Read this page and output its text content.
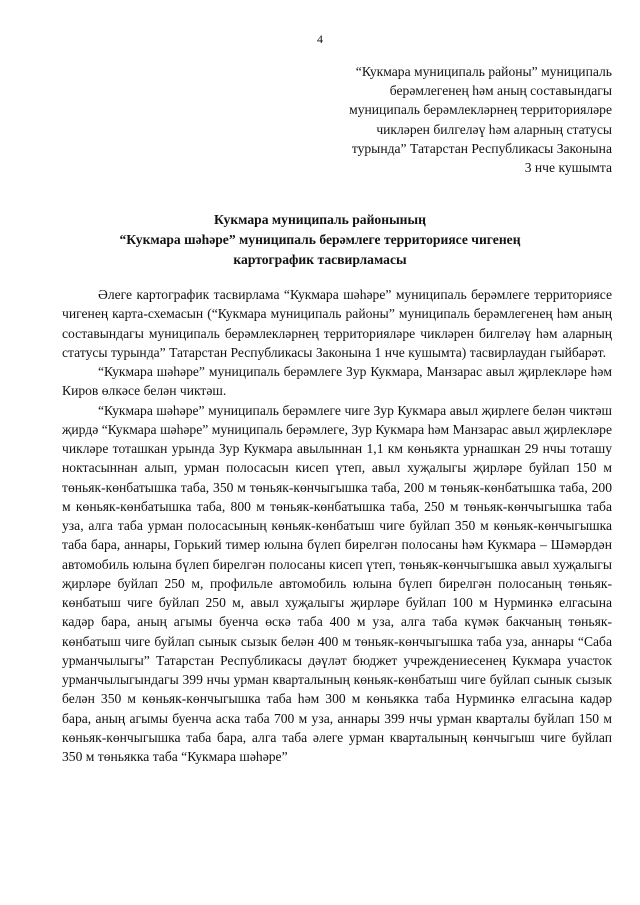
4
“Кукмара муниципаль районы” муниципаль
берәмлегенең һәм аның составындагы
муниципаль берәмлекләрнең территорияләре
чикләрен билгеләү һәм аларның статусы
турында” Татарстан Республикасы Законына
3 нче кушымта
Кукмара муниципаль районының
“Кукмара шәһәре” муниципаль берәмлеге территориясе чигенең
картографик тасвирламасы

Әлеге картографик тасвирлама “Кукмара шәһәре” муниципаль берәмлеге территориясе чигенең карта-схемасын (“Кукмара муниципаль районы” муниципаль берәмлегенең һәм аның составындагы муниципаль берәмлекләрнең территорияләре чикләрен билгеләү һәм аларның статусы турында” Татарстан Республикасы Законына 1 нче кушымта) тасвирлаудан гыйбарәт.

“Кукмара шәһәре” муниципаль берәмлеге Зур Кукмара, Манзарас авыл җирлекләре һәм Киров өлкәсе белән чиктәш.

“Кукмара шәһәре” муниципаль берәмлеге чиге Зур Кукмара авыл җирлеге белән чиктәш җирдә “Кукмара шәһәре” муниципаль берәмлеге, Зур Кукмара һәм Манзарас авыл җирлекләре чикләре тоташкан урында Зур Кукмара авылыннан 1,1 км көньякта урнашкан 29 нчы тоташу ноктасыннан алып, урман полосасын кисеп үтеп, авыл хуҗалыгы җирләре буйлап 150 м төньяк-көнбатышка таба, 350 м төньяк-көнчыгышка таба, 200 м төньяк-көнбатышка таба, 200 м көньяк-көнбатышка таба, 800 м төньяк-көнбатышка таба, 250 м төньяк-көнчыгышка таба уза, алга таба урман полосасының көньяк-көнбатыш чиге буйлап 350 м көньяк-көнчыгышка таба бара, аннары, Горький тимер юлына бүлеп бирелгән полосаны һәм Кукмара – Шәмәрдән автомобиль юлына бүлеп бирелгән полосаны кисеп үтеп, төньяк-көнчыгышка авыл хуҗалыгы җирләре буйлап 250 м, профильле автомобиль юлына бүлеп бирелгән полосаның төньяк-көнбатыш чиге буйлап 250 м, авыл хуҗалыгы җирләре буйлап 100 м Нурминкә елгасына кадәр бара, аның агымы буенча өскә таба 400 м уза, алга таба күмәк бакчаның төньяк-көнбатыш чиге буйлап сынык сызык белән 400 м төньяк-көнчыгышка таба уза, аннары “Саба урманчылыгы” Татарстан Республикасы дәүләт бюджет учреждениесенең Кукмара участок урманчылыгындагы 399 нчы урман кварталының көньяк-көнбатыш чиге буйлап сынык сызык белән 350 м көньяк-көнчыгышка таба һәм 300 м көньякка таба Нурминкә елгасына кадәр бара, аның агымы буенча аска таба 700 м уза, аннары 399 нчы урман кварталы буйлап 150 м көньяк-көнчыгышка таба бара, алга таба әлеге урман кварталының көнчыгыш чиге буйлап 350 м төньякка таба “Кукмара шәһәре”
